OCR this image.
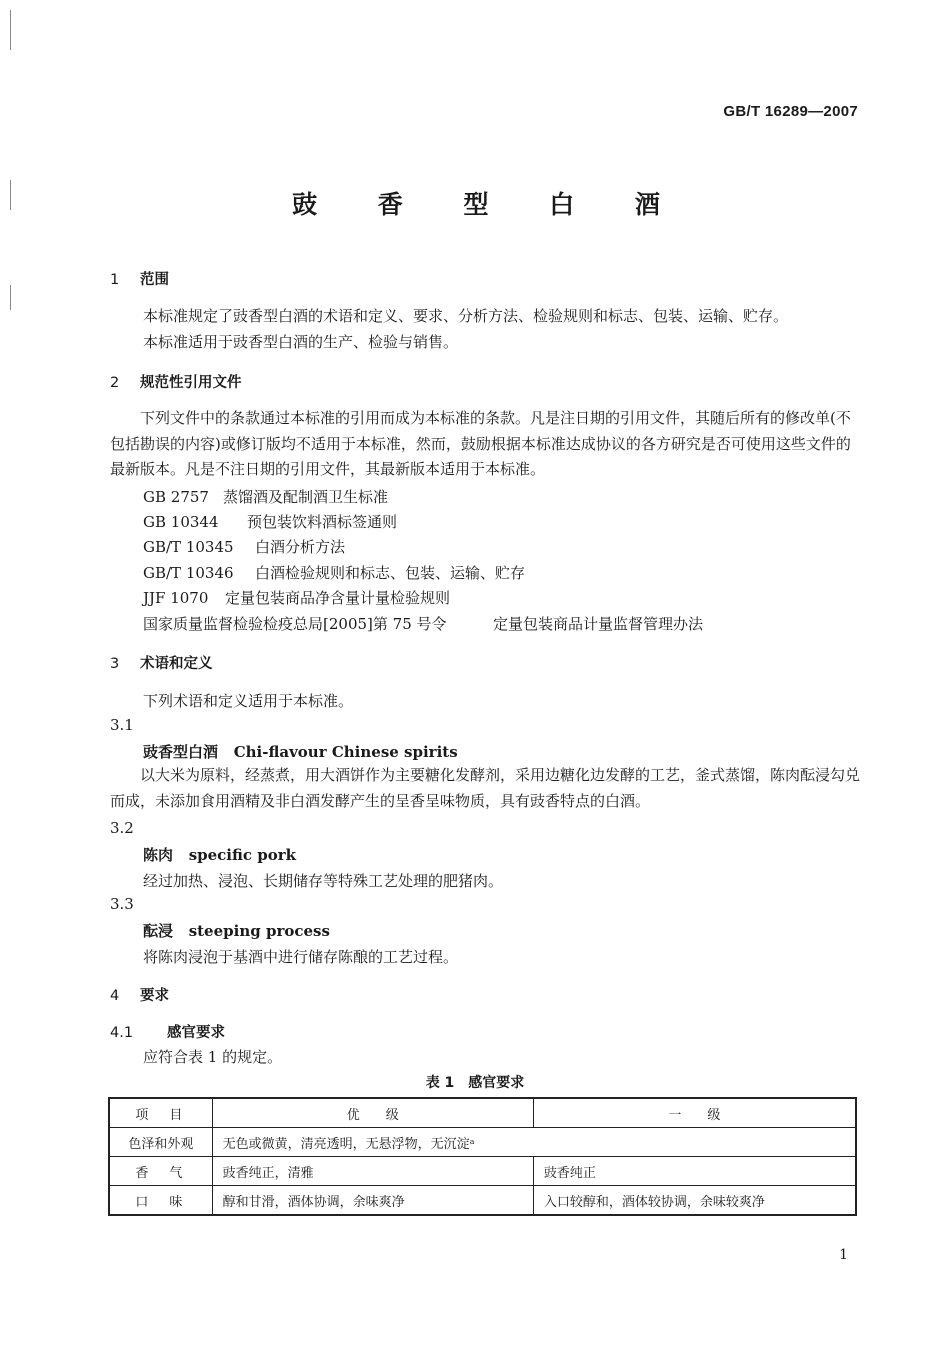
GB/T 16289—2007
豉 香 型 白 酒
1 范围
本标准规定了豉香型白酒的术语和定义、要求、分析方法、检验规则和标志、包装、运输、贮存。
本标准适用于豉香型白酒的生产、检验与销售。
2 规范性引用文件
下列文件中的条款通过本标准的引用而成为本标准的条款。凡是注日期的引用文件，其随后所有的修改单(不包括勘误的内容)或修订版均不适用于本标准，然而，鼓励根据本标准达成协议的各方研究是否可使用这些文件的最新版本。凡是不注日期的引用文件，其最新版本适用于本标准。
GB 2757 蒸馏酒及配制酒卫生标准
GB 10344 预包装饮料酒标签通则
GB/T 10345 白酒分析方法
GB/T 10346 白酒检验规则和标志、包装、运输、贮存
JJF 1070 定量包装商品净含量计量检验规则
国家质量监督检验检疫总局[2005]第 75 号令	定量包装商品计量监督管理办法
3 术语和定义
下列术语和定义适用于本标准。
3.1
豉香型白酒 Chi-flavour Chinese spirits
以大米为原料，经蒸煮，用大酒饼作为主要糖化发酵剂，采用边糖化边发酵的工艺，釜式蒸馏，陈肉酝浸勾兑而成，未添加食用酒精及非白酒发酵产生的呈香呈味物质，具有豉香特点的白酒。
3.2
陈肉 specific pork
经过加热、浸泡、长期储存等特殊工艺处理的肥猪肉。
3.3
酝浸 steeping process
将陈肉浸泡于基酒中进行储存陈酿的工艺过程。
4 要求
4.1 感官要求
应符合表 1 的规定。
表 1　感官要求
项　目	优　　级	一　　级
色泽和外观	无色或微黄，清亮透明，无悬浮物，无沉淀ᵃ	
香　气	豉香纯正，清雅	豉香纯正
口　味	醇和甘滑，酒体协调，余味爽净	入口较醇和，酒体较协调，余味较爽净
1
